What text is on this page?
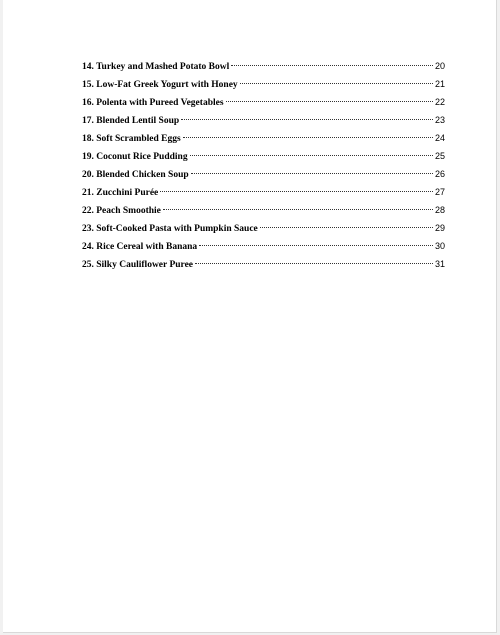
14. Turkey and Mashed Potato Bowl	20
15. Low-Fat Greek Yogurt with Honey	21
16. Polenta with Pureed Vegetables	22
17. Blended Lentil Soup	23
18. Soft Scrambled Eggs	24
19. Coconut Rice Pudding	25
20. Blended Chicken Soup	26
21. Zucchini Purée	27
22. Peach Smoothie	28
23. Soft-Cooked Pasta with Pumpkin Sauce	29
24. Rice Cereal with Banana	30
25. Silky Cauliflower Puree	31
